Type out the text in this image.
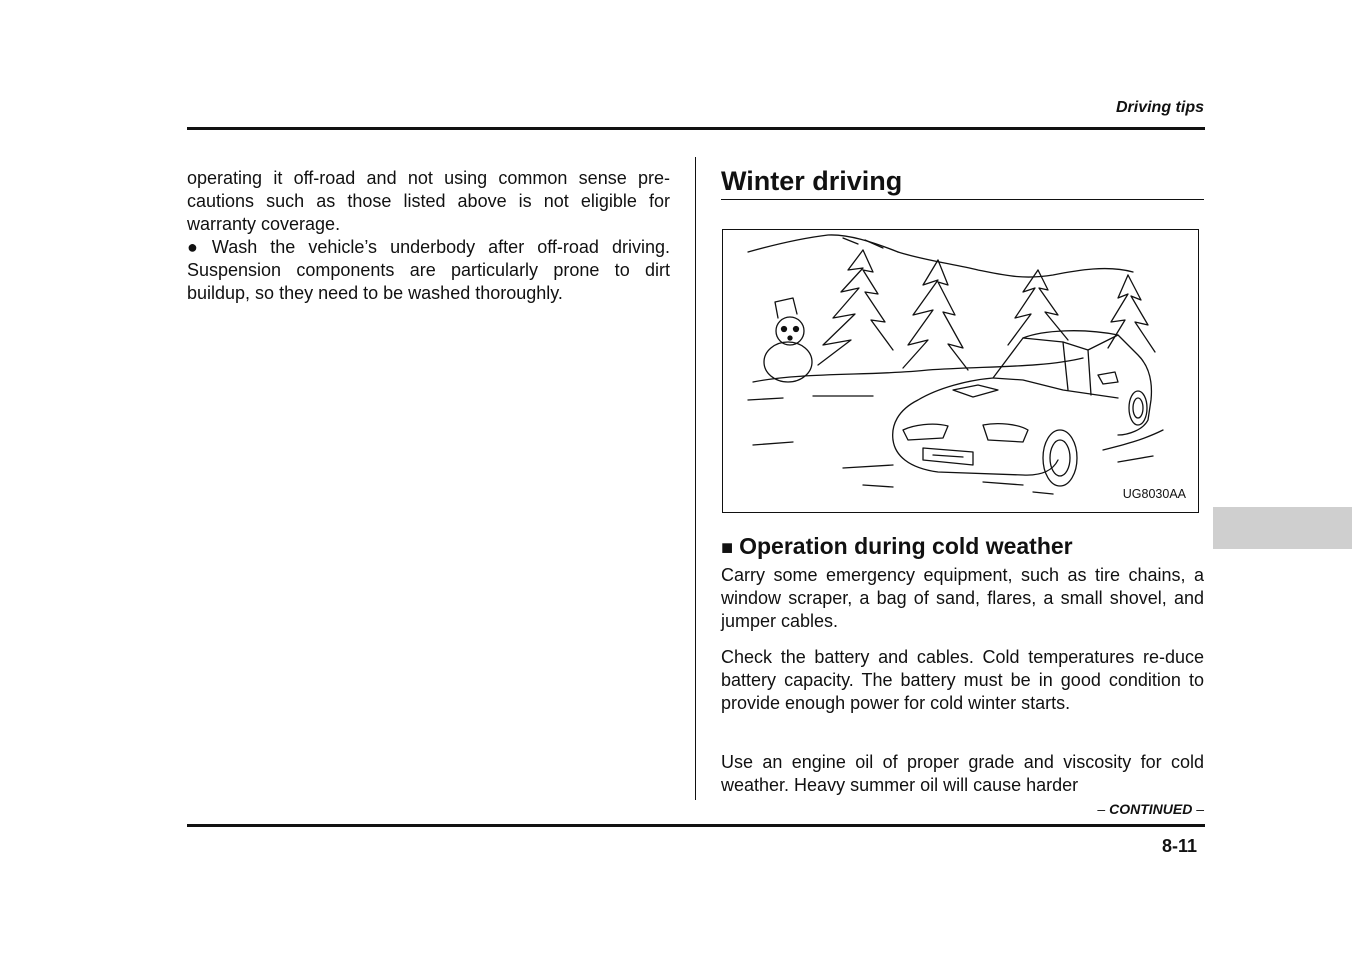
Driving tips

operating it off-road and not using common sense pre-cautions such as those listed above is not eligible for warranty coverage.

● Wash the vehicle’s underbody after off-road driving. Suspension components are particularly prone to dirt buildup, so they need to be washed thoroughly.

Winter driving
UG8030AA
■ Operation during cold weather

Carry some emergency equipment, such as tire chains, a window scraper, a bag of sand, flares, a small shovel, and jumper cables.

Check the battery and cables. Cold temperatures re-duce battery capacity. The battery must be in good condition to provide enough power for cold winter starts.

Use an engine oil of proper grade and viscosity for cold weather. Heavy summer oil will cause harder

– CONTINUED –
8-11
